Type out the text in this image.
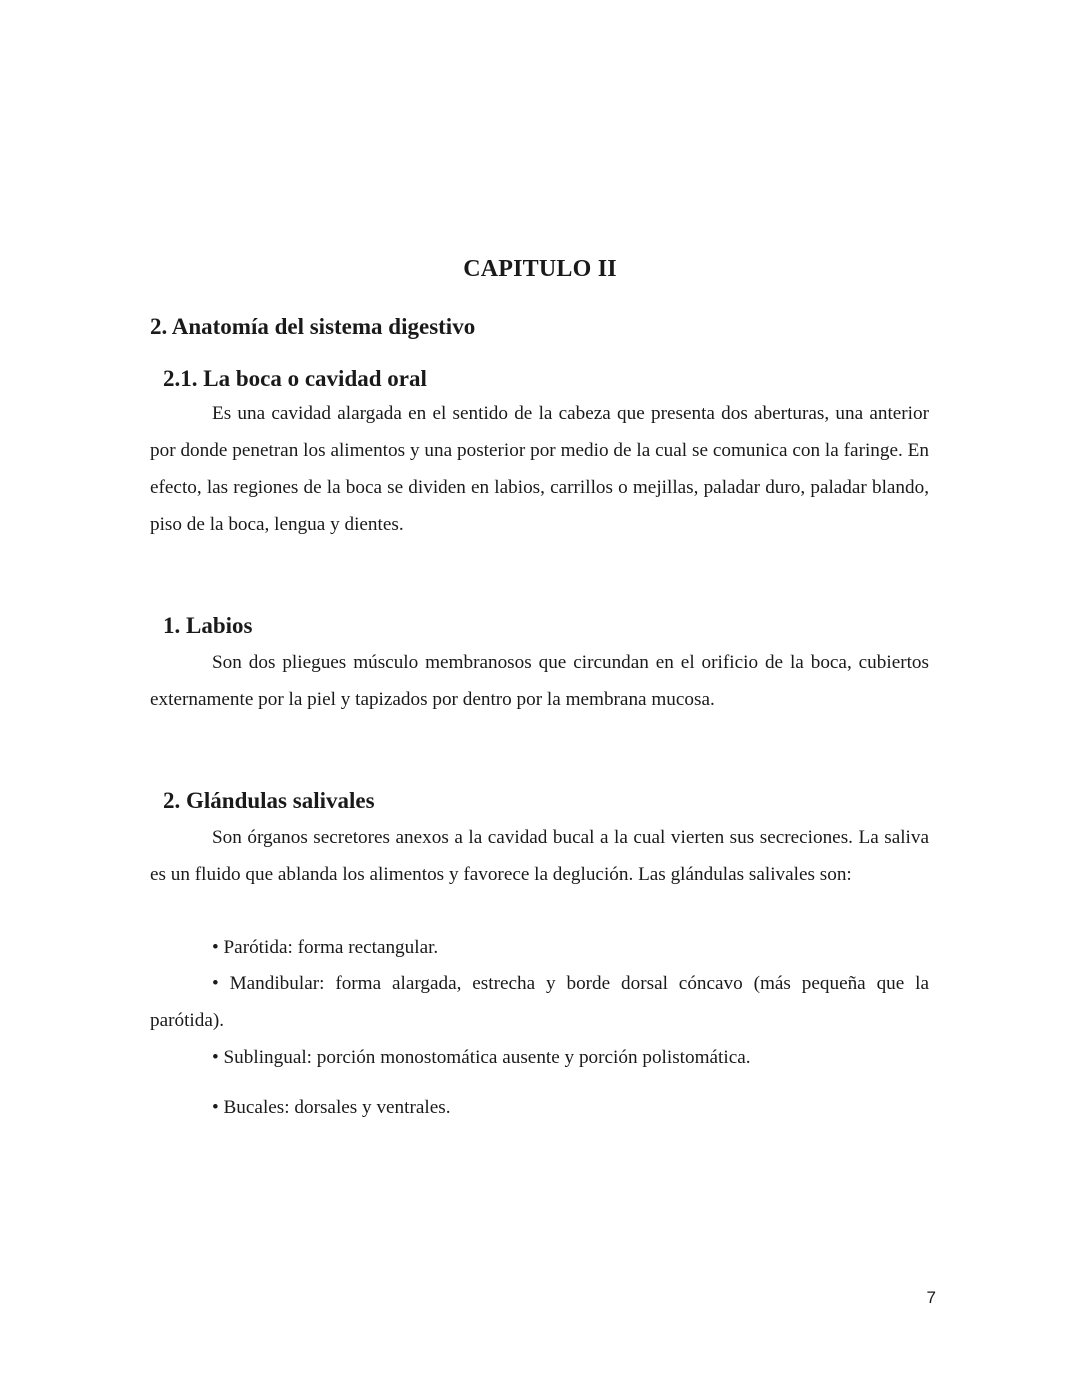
CAPITULO II
2. Anatomía del sistema digestivo
2.1. La boca o cavidad oral

Es una cavidad alargada en el sentido de la cabeza que presenta dos aberturas, una anterior por donde penetran los alimentos y una posterior por medio de la cual se comunica con la faringe. En efecto, las regiones de la boca se dividen en labios, carrillos o mejillas, paladar duro, paladar blando, piso de la boca, lengua y dientes.

1. Labios

Son dos pliegues músculo membranosos que circundan en el orificio de la boca, cubiertos externamente por la piel y tapizados por dentro por la membrana mucosa.

2. Glándulas salivales

Son órganos secretores anexos a la cavidad bucal a la cual vierten sus secreciones. La saliva es un fluido que ablanda los alimentos y favorece la deglución. Las glándulas salivales son:

• Parótida: forma rectangular.

• Mandibular: forma alargada, estrecha y borde dorsal cóncavo (más pequeña que la parótida).

• Sublingual: porción monostomática ausente y porción polistomática.

• Bucales: dorsales y ventrales.

7
